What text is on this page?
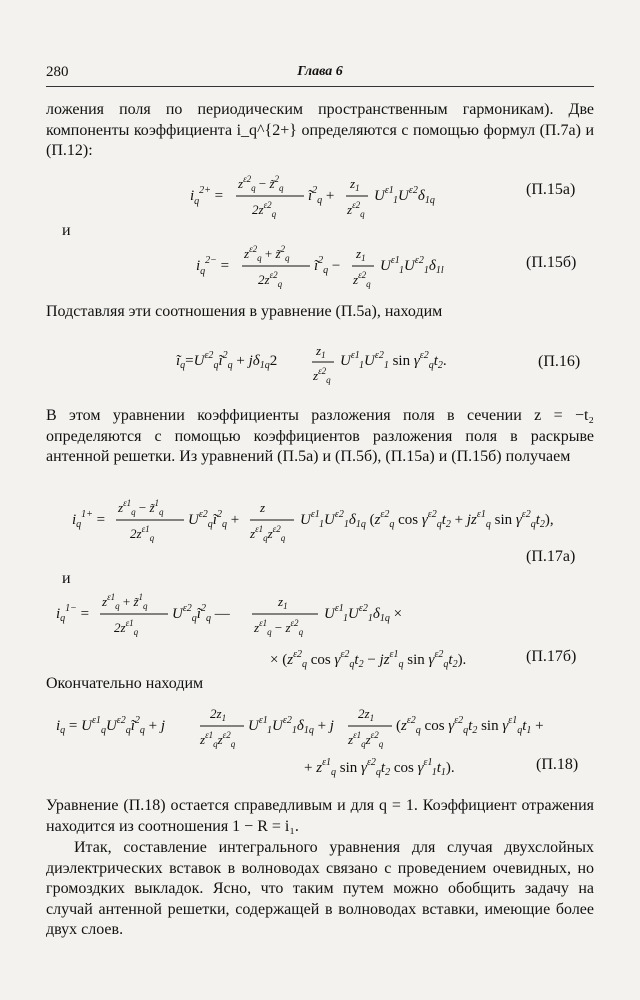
280	Глава 6

ложения поля по периодическим пространственным гармоникам). Две компоненты коэффициента i_q^{2+} определяются с помощью формул (П.7а) и (П.12):

$i_q^{2+}$ =
$z^{\varepsilon 2}_q$ − z̃$^2_q$
$2z^{\varepsilon 2}_q$
$ĩ^2_q$ +
$z_1$
$z^{\varepsilon 2}_q$
$U^{\varepsilon 1}_1U^{\varepsilon 2}\delta_{1q}$
(П.15а)
и
$i_q^{2-}$ =
$z^{\varepsilon 2}_q$ + z̃$^2_q$
$2z^{\varepsilon 2}_q$
$ĩ^2_q$ −
$z_1$
$z^{\varepsilon 2}_q$
$U^{\varepsilon 1}_1U^{\varepsilon 2}_1\delta_{1l}$	(П.15б)

Подставляя эти соотношения в уравнение (П.5а), находим

$ĩ_q=U^{\varepsilon 2}_qĩ^2_q + j\delta_{1q}2$
$z_1$
$z^{\varepsilon 2}_q$
$U^{\varepsilon 1}_1U^{\varepsilon 2}_1$ $\sin \gamma^{\varepsilon 2}_qt_2$.	(П.16)

В этом уравнении коэффициенты разложения поля в сечении z = −t₂ определяются с помощью коэффициентов разложения поля в раскрыве антенной решетки. Из уравнений (П.5а) и (П.5б), (П.15а) и (П.15б) получаем

$i_q^{1+}$ =
$z^{\varepsilon 1}_q$ − z̃$^1_q$
$2z^{\varepsilon 1}_q$
$U^{\varepsilon 2}_qĩ^2_q$ +
z
$z^{\varepsilon 1}_qz^{\varepsilon 2}_q$
$U^{\varepsilon 1}_1U^{\varepsilon 2}_1\delta_{1q}$ ($z^{\varepsilon 2}_q$ $\cos \gamma^{\varepsilon 2}_qt_2 + jz^{\varepsilon 1}_q$ $\sin \gamma^{\varepsilon 2}_qt_2$),
(П.17а)
и
$i_q^{1-}$ =
$z^{\varepsilon 1}_q$ + z̃$^1_q$
$2z^{\varepsilon 1}_q$
$U^{\varepsilon 2}_qĩ^2_q$ —
$z_1$
$z^{\varepsilon 1}_q - z^{\varepsilon 2}_q$
$U^{\varepsilon 1}_1U^{\varepsilon 2}_1\delta_{1q}$ ×
× ($z^{\varepsilon 2}_q$ $\cos \gamma^{\varepsilon 2}_qt_2 - jz^{\varepsilon 1}_q$ $\sin \gamma^{\varepsilon 2}_qt_2$).	(П.17б)

Окончательно находим

$i_q$ = $U^{\varepsilon 1}_qU^{\varepsilon 2}_qĩ^2_q + j$
$2z_1$
$z^{\varepsilon 1}_qz^{\varepsilon 2}_q$
$U^{\varepsilon 1}_1U^{\varepsilon 2}_1\delta_{1q} + j$
$2z_1$
$z^{\varepsilon 1}_qz^{\varepsilon 2}_q$
($z^{\varepsilon 2}_q$ $\cos \gamma^{\varepsilon 2}_qt_2$ $\sin \gamma^{\varepsilon 1}_qt_1$ +
+ $z^{\varepsilon 1}_q$ $\sin \gamma^{\varepsilon 2}_qt_2$ $\cos \gamma^{\varepsilon 1}_1t_1$).	(П.18)

Уравнение (П.18) остается справедливым и для q = 1. Коэффициент отражения находится из соотношения 1 − R = i₁.

Итак, составление интегрального уравнения для случая двухслойных диэлектрических вставок в волноводах связано с проведением очевидных, но громоздких выкладок. Ясно, что таким путем можно обобщить задачу на случай антенной решетки, содержащей в волноводах вставки, имеющие более двух слоев.
